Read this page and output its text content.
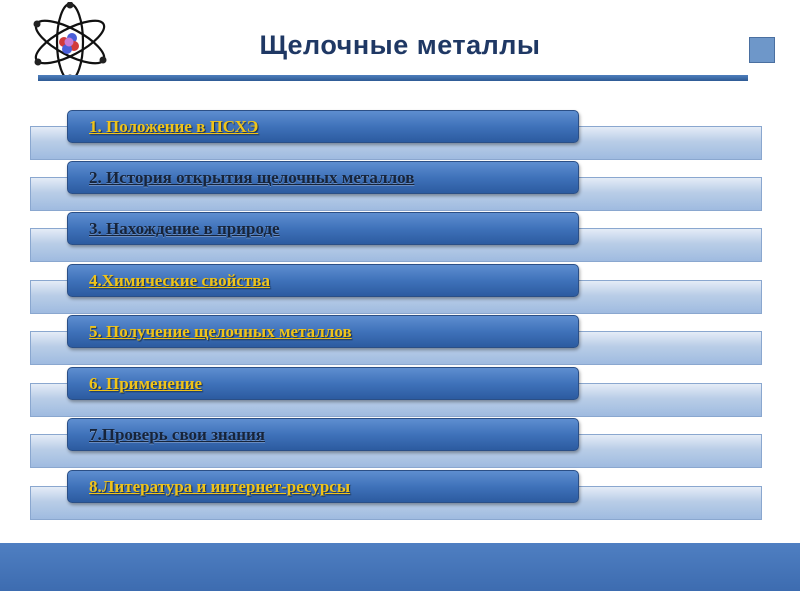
Щелочные металлы
1. Положение в ПСХЭ
2. История открытия щелочных металлов
3. Нахождение в природе
4.Химические свойства
5. Получение щелочных металлов
6. Применение
7.Проверь свои знания
8.Литература и интернет-ресурсы
